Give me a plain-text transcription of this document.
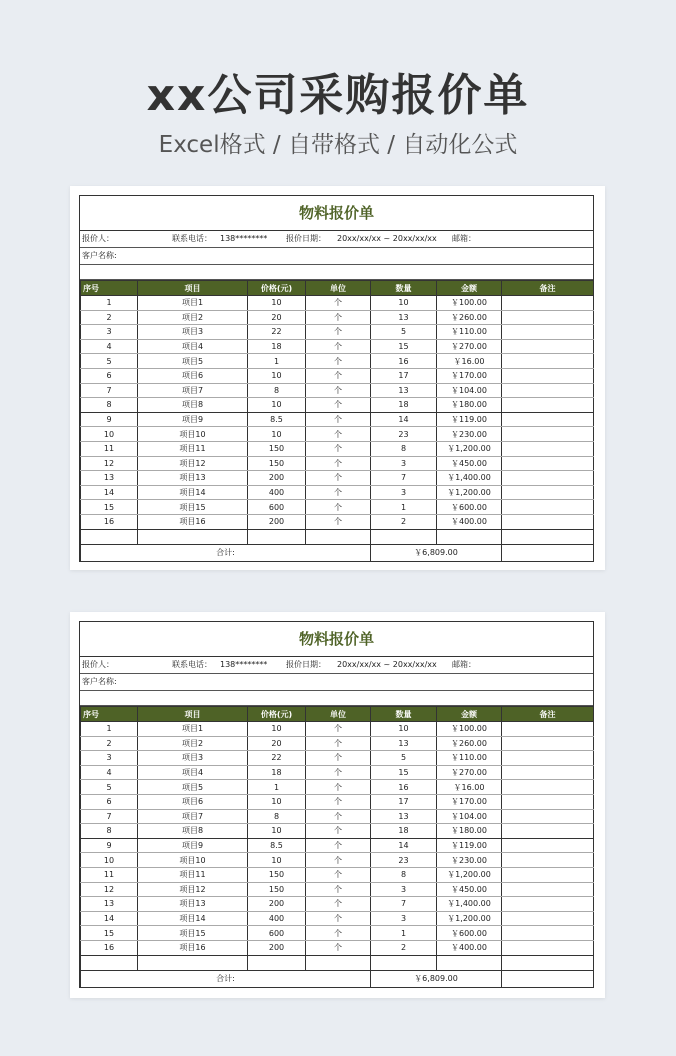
xx公司采购报价单

Excel格式 / 自带格式 / 自动化公式

物料报价单
报价人：	联系电话： 138******** 报价日期： 20xx/xx/xx ~ 20xx/xx/xx 邮箱：
客户名称:
序号	项目	价格(元)	单位	数量	金额	备注
1	项目1	10	个	10	￥100.00	
2	项目2	20	个	13	￥260.00	
3	项目3	22	个	5	￥110.00	
4	项目4	18	个	15	￥270.00	
5	项目5	1	个	16	￥16.00	
6	项目6	10	个	17	￥170.00	
7	项目7	8	个	13	￥104.00	
8	项目8	10	个	18	￥180.00	
9	项目9	8.5	个	14	￥119.00	
10	项目10	10	个	23	￥230.00	
11	项目11	150	个	8	￥1,200.00	
12	项目12	150	个	3	￥450.00	
13	项目13	200	个	7	￥1,400.00	
14	项目14	400	个	3	￥1,200.00	
15	项目15	600	个	1	￥600.00	
16	项目16	200	个	2	￥400.00	

合计:				￥6,809.00		
物料报价单
报价人：	联系电话： 138******** 报价日期： 20xx/xx/xx ~ 20xx/xx/xx 邮箱：
客户名称:
序号	项目	价格(元)	单位	数量	金额	备注
1	项目1	10	个	10	￥100.00	
2	项目2	20	个	13	￥260.00	
3	项目3	22	个	5	￥110.00	
4	项目4	18	个	15	￥270.00	
5	项目5	1	个	16	￥16.00	
6	项目6	10	个	17	￥170.00	
7	项目7	8	个	13	￥104.00	
8	项目8	10	个	18	￥180.00	
9	项目9	8.5	个	14	￥119.00	
10	项目10	10	个	23	￥230.00	
11	项目11	150	个	8	￥1,200.00	
12	项目12	150	个	3	￥450.00	
13	项目13	200	个	7	￥1,400.00	
14	项目14	400	个	3	￥1,200.00	
15	项目15	600	个	1	￥600.00	
16	项目16	200	个	2	￥400.00	

合计:				￥6,809.00		
